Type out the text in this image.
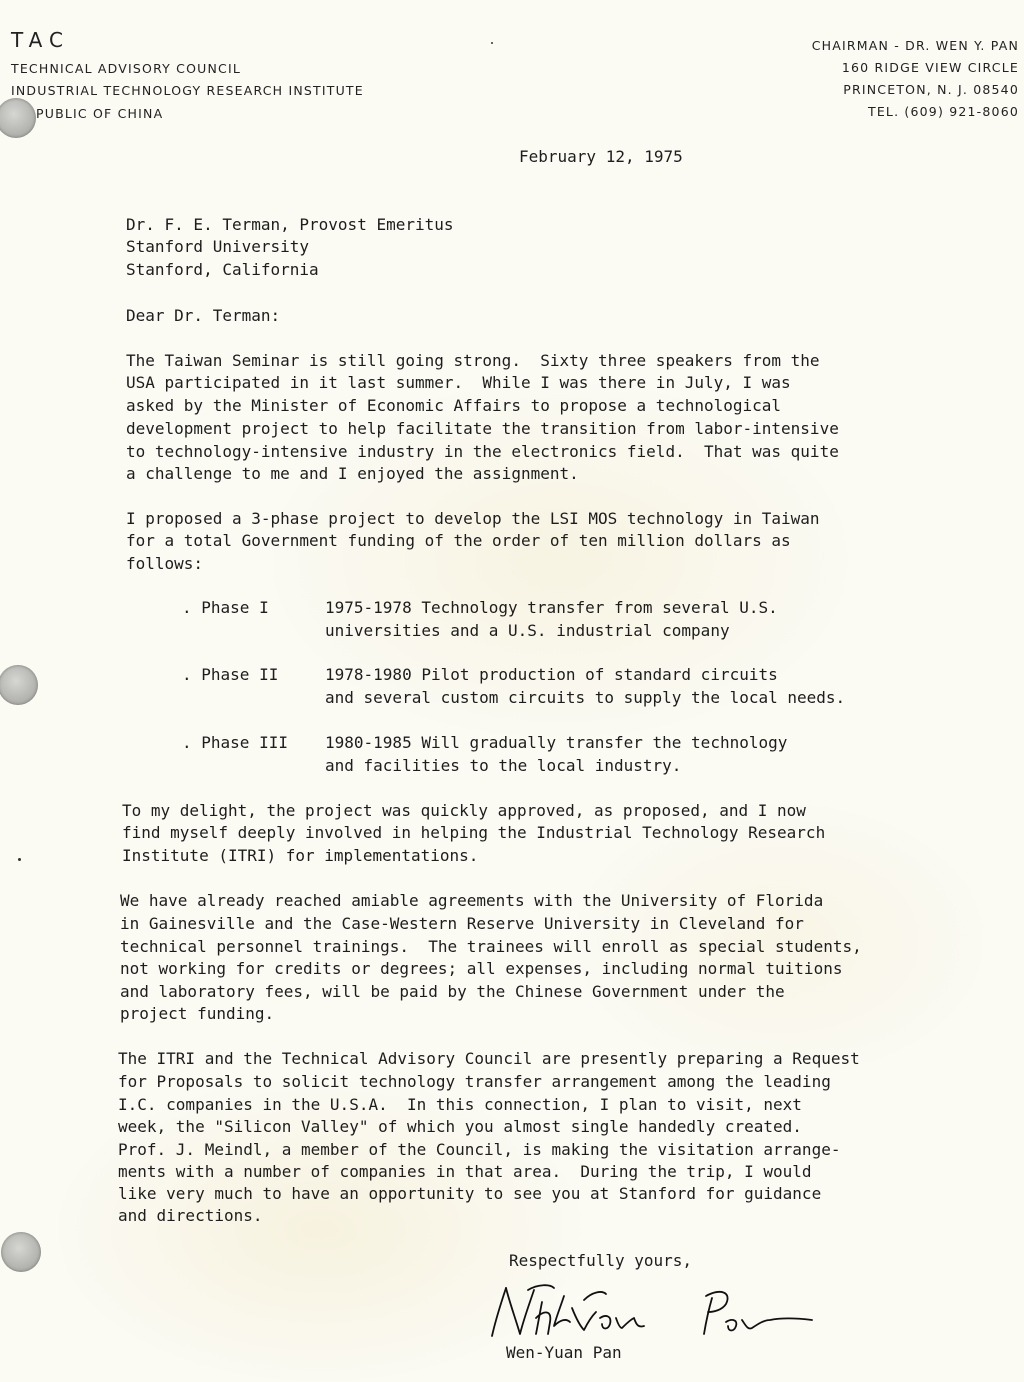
TAC
TECHNICAL ADVISORY COUNCIL
INDUSTRIAL TECHNOLOGY RESEARCH INSTITUTE
PUBLIC OF CHINA
CHAIRMAN - DR. WEN Y. PAN
160 RIDGE VIEW CIRCLE
PRINCETON, N. J. 08540
TEL. (609) 921-8060
February 12, 1975
Dr. F. E. Terman, Provost Emeritus
Stanford University
Stanford, California
Dear Dr. Terman:
The Taiwan Seminar is still going strong.  Sixty three speakers from the
USA participated in it last summer.  While I was there in July, I was
asked by the Minister of Economic Affairs to propose a technological
development project to help facilitate the transition from labor-intensive
to technology-intensive industry in the electronics field.  That was quite
a challenge to me and I enjoyed the assignment.
I proposed a 3-phase project to develop the LSI MOS technology in Taiwan
for a total Government funding of the order of ten million dollars as
follows:
. Phase I	1975-1978 Technology transfer from several U.S.
universities and a U.S. industrial company
. Phase II	1978-1980 Pilot production of standard circuits
and several custom circuits to supply the local needs.
. Phase III 1980-1985 Will gradually transfer the technology
and facilities to the local industry.
To my delight, the project was quickly approved, as proposed, and I now
find myself deeply involved in helping the Industrial Technology Research
Institute (ITRI) for implementations.
We have already reached amiable agreements with the University of Florida
in Gainesville and the Case-Western Reserve University in Cleveland for
technical personnel trainings.  The trainees will enroll as special students,
not working for credits or degrees; all expenses, including normal tuitions
and laboratory fees, will be paid by the Chinese Government under the
project funding.
The ITRI and the Technical Advisory Council are presently preparing a Request
for Proposals to solicit technology transfer arrangement among the leading
I.C. companies in the U.S.A.  In this connection, I plan to visit, next
week, the "Silicon Valley" of which you almost single handedly created.
Prof. J. Meindl, a member of the Council, is making the visitation arrange-
ments with a number of companies in that area.  During the trip, I would
like very much to have an opportunity to see you at Stanford for guidance
and directions.
Respectfully yours,
Wen-Yuan Pan
